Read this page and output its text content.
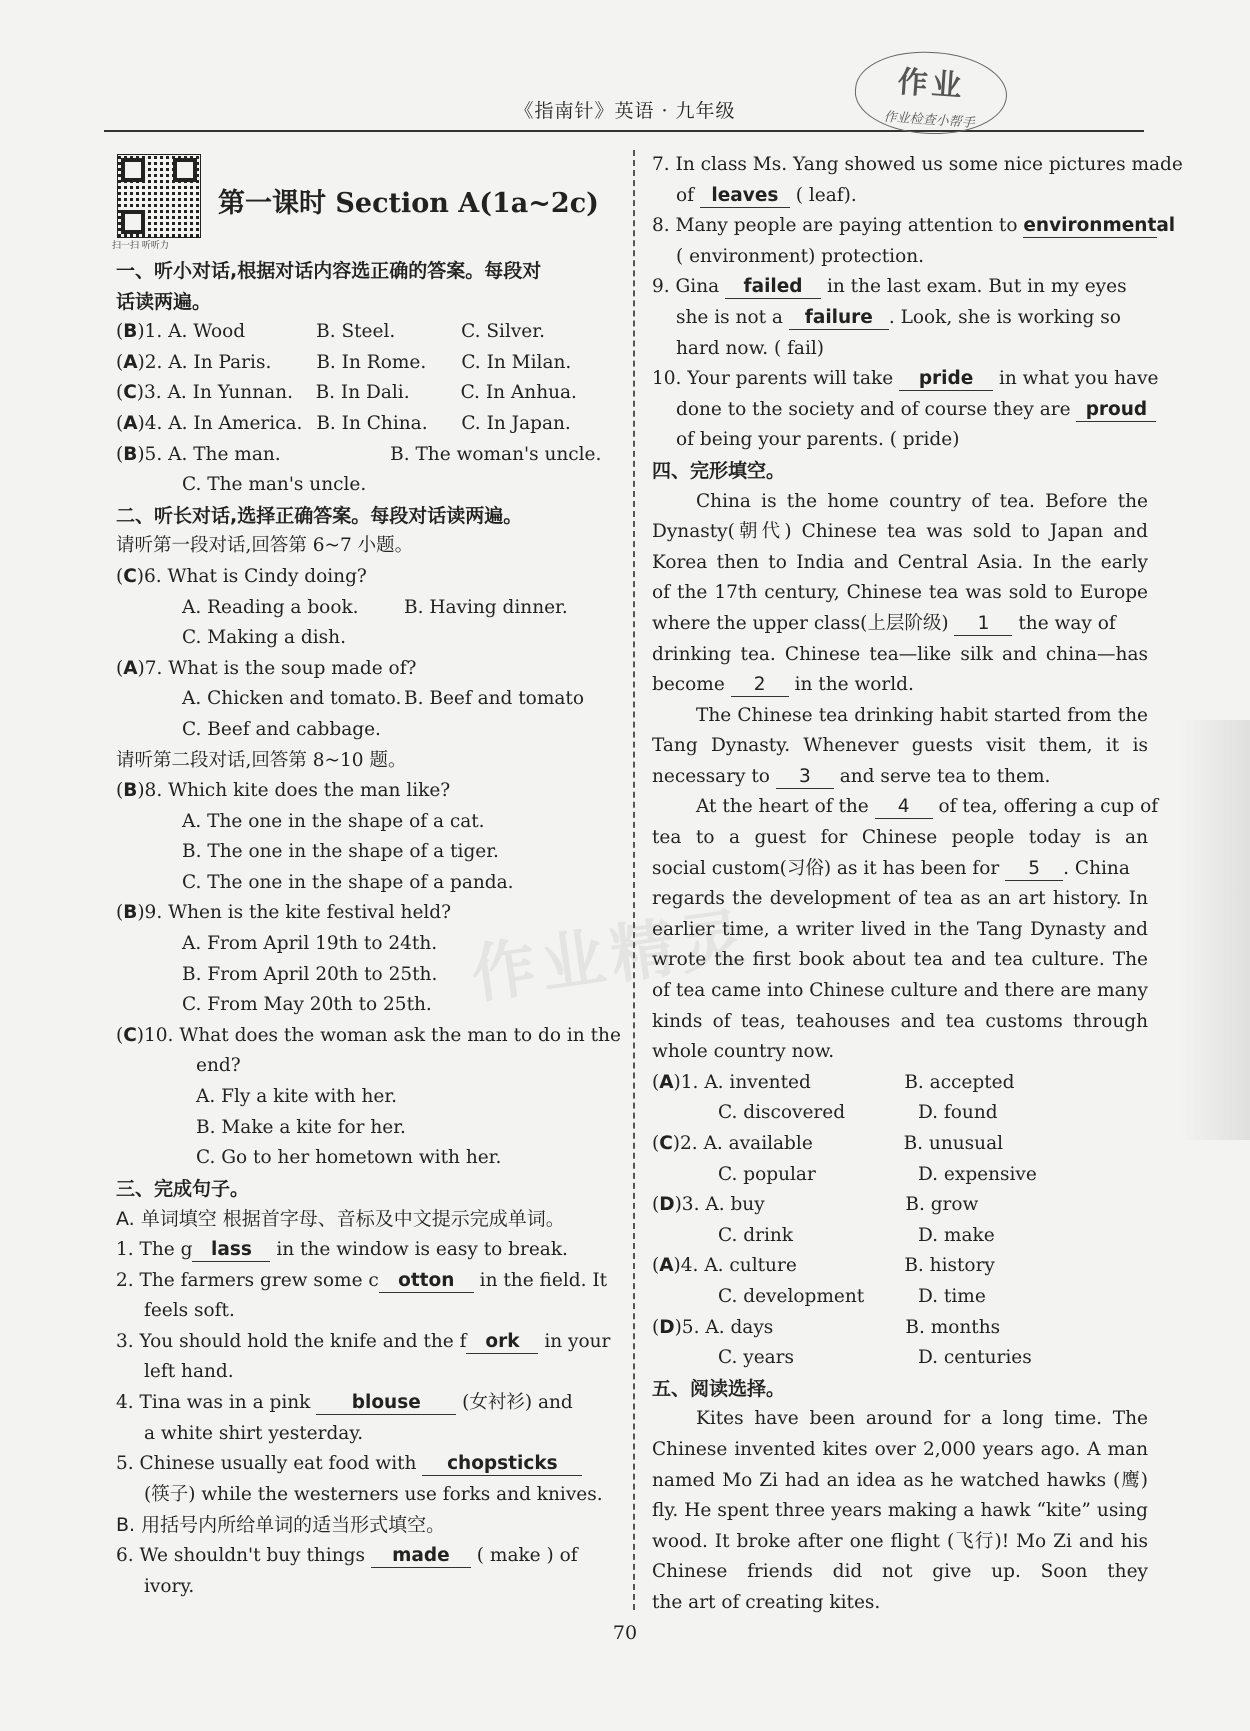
《指南针》英语 · 九年级
作业
作业检查小帮手
扫一扫 听听力
第一课时 Section A(1a~2c)
作业精灵
一、听小对话,根据对话内容选正确的答案。每段对
话读两遍。
(B)1. A. Wood	B. Steel.	C. Silver.
(A)2. A. In Paris. B. In Rome. C. In Milan.
(C)3. A. In Yunnan. B. In Dali.	C. In Anhua.
(A)4. A. In America. B. In China. C. In Japan.
(B)5. A. The man.	B. The woman's uncle.
C. The man's uncle.
二、听长对话,选择正确答案。每段对话读两遍。
请听第一段对话,回答第 6~7 小题。
(C)6. What is Cindy doing?
A. Reading a book. B. Having dinner.
C. Making a dish.
(A)7. What is the soup made of?
A. Chicken and tomato. B. Beef and tomato
C. Beef and cabbage.
请听第二段对话,回答第 8~10 题。
(B)8. Which kite does the man like?
A. The one in the shape of a cat.
B. The one in the shape of a tiger.
C. The one in the shape of a panda.
(B)9. When is the kite festival held?
A. From April 19th to 24th.
B. From April 20th to 25th.
C. From May 20th to 25th.
(C)10. What does the woman ask the man to do in the
end?
A. Fly a kite with her.
B. Make a kite for her.
C. Go to her hometown with her.
三、完成句子。
A. 单词填空 根据首字母、音标及中文提示完成单词。
1. The g lass in the window is easy to break.
2. The farmers grew some c otton in the field. It
feels soft.
3. You should hold the knife and the f ork in your
left hand.
4. Tina was in a pink blouse (女衬衫) and
a white shirt yesterday.
5. Chinese usually eat food with chopsticks
(筷子) while the westerners use forks and knives.
B. 用括号内所给单词的适当形式填空。
6. We shouldn't buy things made ( make ) of
ivory.
7. In class Ms. Yang showed us some nice pictures made
of leaves ( leaf).
8. Many people are paying attention to environmental
( environment) protection.
9. Gina failed in the last exam. But in my eyes
she is not a failure . Look, she is working so
hard now. ( fail)
10. Your parents will take pride in what you have
done to the society and of course they are proud
of being your parents. ( pride)
四、完形填空。
China is the home country of tea. Before the
Dynasty(朝代) Chinese tea was sold to Japan and
Korea then to India and Central Asia. In the early
of the 17th century, Chinese tea was sold to Europe
where the upper class(上层阶级) 1 the way of
drinking tea. Chinese tea—like silk and china—has
become 2 in the world.
The Chinese tea drinking habit started from the
Tang Dynasty. Whenever guests visit them, it is
necessary to 3 and serve tea to them.
At the heart of the 4 of tea, offering a cup of
tea to a guest for Chinese people today is an
social custom(习俗) as it has been for 5 . China
regards the development of tea as an art history. In
earlier time, a writer lived in the Tang Dynasty and
wrote the first book about tea and tea culture. The
of tea came into Chinese culture and there are many
kinds of teas, teahouses and tea customs through
whole country now.
(A)1. A. invented	B. accepted
C. discovered	D. found
(C)2. A. available	B. unusual
C. popular	D. expensive
(D)3. A. buy	B. grow
C. drink	D. make
(A)4. A. culture	B. history
C. development	D. time
(D)5. A. days	B. months
C. years	D. centuries
五、阅读选择。
Kites have been around for a long time. The
Chinese invented kites over 2,000 years ago. A man
named Mo Zi had an idea as he watched hawks (鹰)
fly. He spent three years making a hawk “kite” using
wood. It broke after one flight (飞行)! Mo Zi and his
Chinese friends did not give up. Soon they
the art of creating kites.
70
